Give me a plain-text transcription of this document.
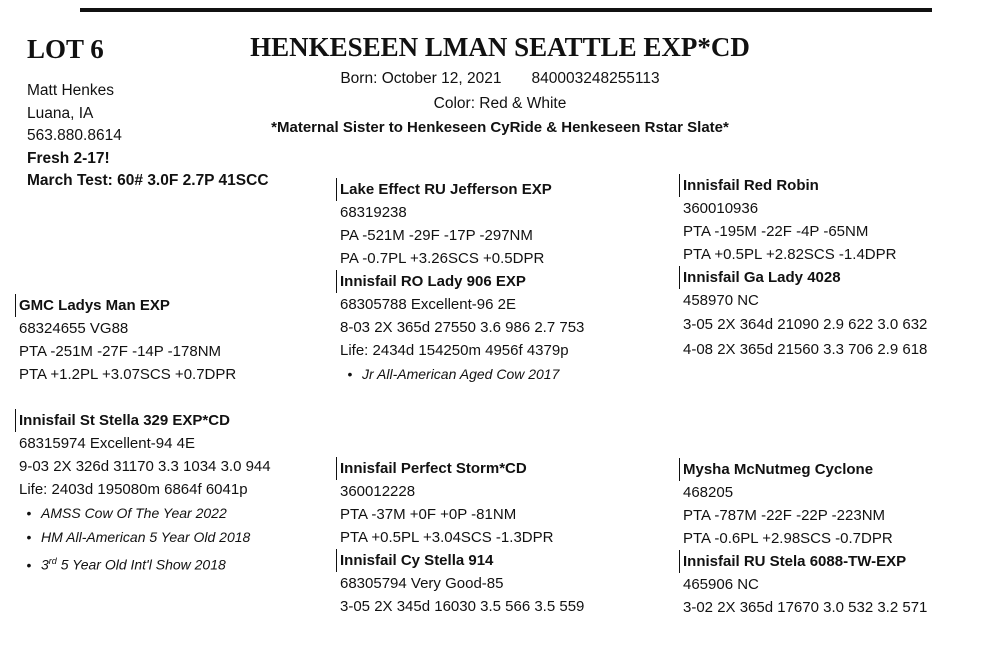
LOT 6	HENKESEEN LMAN SEATTLE EXP*CD
Born: October 12, 2021 840003248255113
Color: Red & White
*Maternal Sister to Henkeseen CyRide & Henkeseen Rstar Slate*
Matt Henkes
Luana, IA
563.880.8614
Fresh 2-17!
March Test: 60# 3.0F 2.7P 41SCC
GMC Ladys Man EXP
68324655 VG88
PTA -251M -27F -14P -178NM
PTA +1.2PL +3.07SCS +0.7DPR
Innisfail St Stella 329 EXP*CD
68315974 Excellent-94 4E
9-03 2X 326d 31170 3.3 1034 3.0 944
Life: 2403d 195080m 6864f 6041p
• AMSS Cow Of The Year 2022
• HM All-American 5 Year Old 2018
• 3rd 5 Year Old Int'l Show 2018
Lake Effect RU Jefferson EXP
68319238
PA -521M -29F -17P -297NM
PA -0.7PL +3.26SCS +0.5DPR
Innisfail RO Lady 906 EXP
68305788 Excellent-96 2E
8-03 2X 365d 27550 3.6 986 2.7 753
Life: 2434d 154250m 4956f 4379p
• Jr All-American Aged Cow 2017
Innisfail Red Robin
360010936
PTA -195M -22F -4P -65NM
PTA +0.5PL +2.82SCS -1.4DPR
Innisfail Ga Lady 4028
458970 NC
3-05 2X 364d 21090 2.9 622 3.0 632
4-08 2X 365d 21560 3.3 706 2.9 618
Innisfail Perfect Storm*CD
360012228
PTA -37M +0F +0P -81NM
PTA +0.5PL +3.04SCS -1.3DPR
Innisfail Cy Stella 914
68305794 Very Good-85
3-05 2X 345d 16030 3.5 566 3.5 559
Mysha McNutmeg Cyclone
468205
PTA -787M -22F -22P -223NM
PTA -0.6PL +2.98SCS -0.7DPR
Innisfail RU Stela 6088-TW-EXP
465906 NC
3-02 2X 365d 17670 3.0 532 3.2 571
